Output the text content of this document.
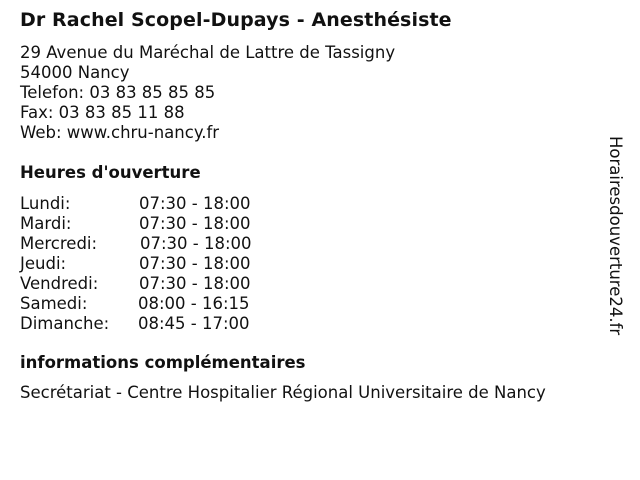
Dr Rachel Scopel-Dupays - Anesthésiste
29 Avenue du Maréchal de Lattre de Tassigny
54000 Nancy
Telefon: 03 83 85 85 85
Fax: 03 83 85 11 88
Web: www.chru-nancy.fr
Heures d'ouverture
Lundi:	07:30 - 18:00
Mardi:	07:30 - 18:00
Mercredi:	07:30 - 18:00
Jeudi:	07:30 - 18:00
Vendredi: 07:30 - 18:00
Samedi:	08:00 - 16:15
Dimanche: 08:45 - 17:00
informations complémentaires
Secrétariat - Centre Hospitalier Régional Universitaire de Nancy
Horairesdouverture24.fr
